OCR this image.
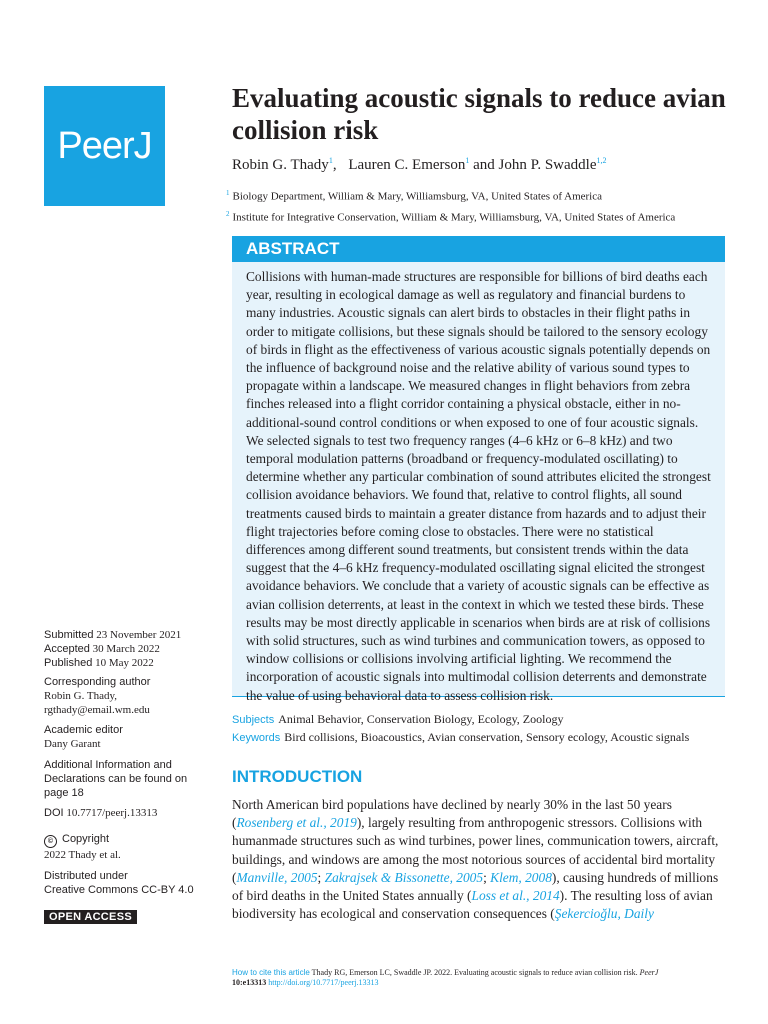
PeerJ
Evaluating acoustic signals to reduce avian collision risk
Robin G. Thady$^1$, Lauren C. Emerson$^1$ and John P. Swaddle$^{1,2}$
$^1$ Biology Department, William & Mary, Williamsburg, VA, United States of America
$^2$ Institute for Integrative Conservation, William & Mary, Williamsburg, VA, United States of America
ABSTRACT

Collisions with human-made structures are responsible for billions of bird deaths each year, resulting in ecological damage as well as regulatory and financial burdens to many industries. Acoustic signals can alert birds to obstacles in their flight paths in order to mitigate collisions, but these signals should be tailored to the sensory ecology of birds in flight as the effectiveness of various acoustic signals potentially depends on the influence of background noise and the relative ability of various sound types to propagate within a landscape. We measured changes in flight behaviors from zebra finches released into a flight corridor containing a physical obstacle, either in no-additional-sound control conditions or when exposed to one of four acoustic signals. We selected signals to test two frequency ranges (4–6 kHz or 6–8 kHz) and two temporal modulation patterns (broadband or frequency-modulated oscillating) to determine whether any particular combination of sound attributes elicited the strongest collision avoidance behaviors. We found that, relative to control flights, all sound treatments caused birds to maintain a greater distance from hazards and to adjust their flight trajectories before coming close to obstacles. There were no statistical differences among different sound treatments, but consistent trends within the data suggest that the 4–6 kHz frequency-modulated oscillating signal elicited the strongest avoidance behaviors. We conclude that a variety of acoustic signals can be effective as avian collision deterrents, at least in the context in which we tested these birds. These results may be most directly applicable in scenarios when birds are at risk of collisions with solid structures, such as wind turbines and communication towers, as opposed to window collisions or collisions involving artificial lighting. We recommend the incorporation of acoustic signals into multimodal collision deterrents and demonstrate the value of using behavioral data to assess collision risk.

Subjects Animal Behavior, Conservation Biology, Ecology, Zoology
Keywords Bird collisions, Bioacoustics, Avian conservation, Sensory ecology, Acoustic signals
INTRODUCTION

North American bird populations have declined by nearly 30% in the last 50 years (Rosenberg et al., 2019), largely resulting from anthropogenic stressors. Collisions with humanmade structures such as wind turbines, power lines, communication towers, aircraft, buildings, and windows are among the most notorious sources of accidental bird mortality (Manville, 2005; Zakrajsek & Bissonette, 2005; Klem, 2008), causing hundreds of millions of bird deaths in the United States annually (Loss et al., 2014). The resulting loss of avian biodiversity has ecological and conservation consequences (Şekercioğlu, Daily

Submitted 23 November 2021
Accepted 30 March 2022
Published 10 May 2022
Corresponding author
Robin G. Thady,
rgthady@email.wm.edu
Academic editor
Dany Garant
Additional Information and Declarations can be found on page 18
DOI 10.7717/peerj.13313
© Copyright
2022 Thady et al.
Distributed under
Creative Commons CC-BY 4.0
OPEN ACCESS
How to cite this article Thady RG, Emerson LC, Swaddle JP. 2022. Evaluating acoustic signals to reduce avian collision risk. PeerJ
10:e13313 http://doi.org/10.7717/peerj.13313
